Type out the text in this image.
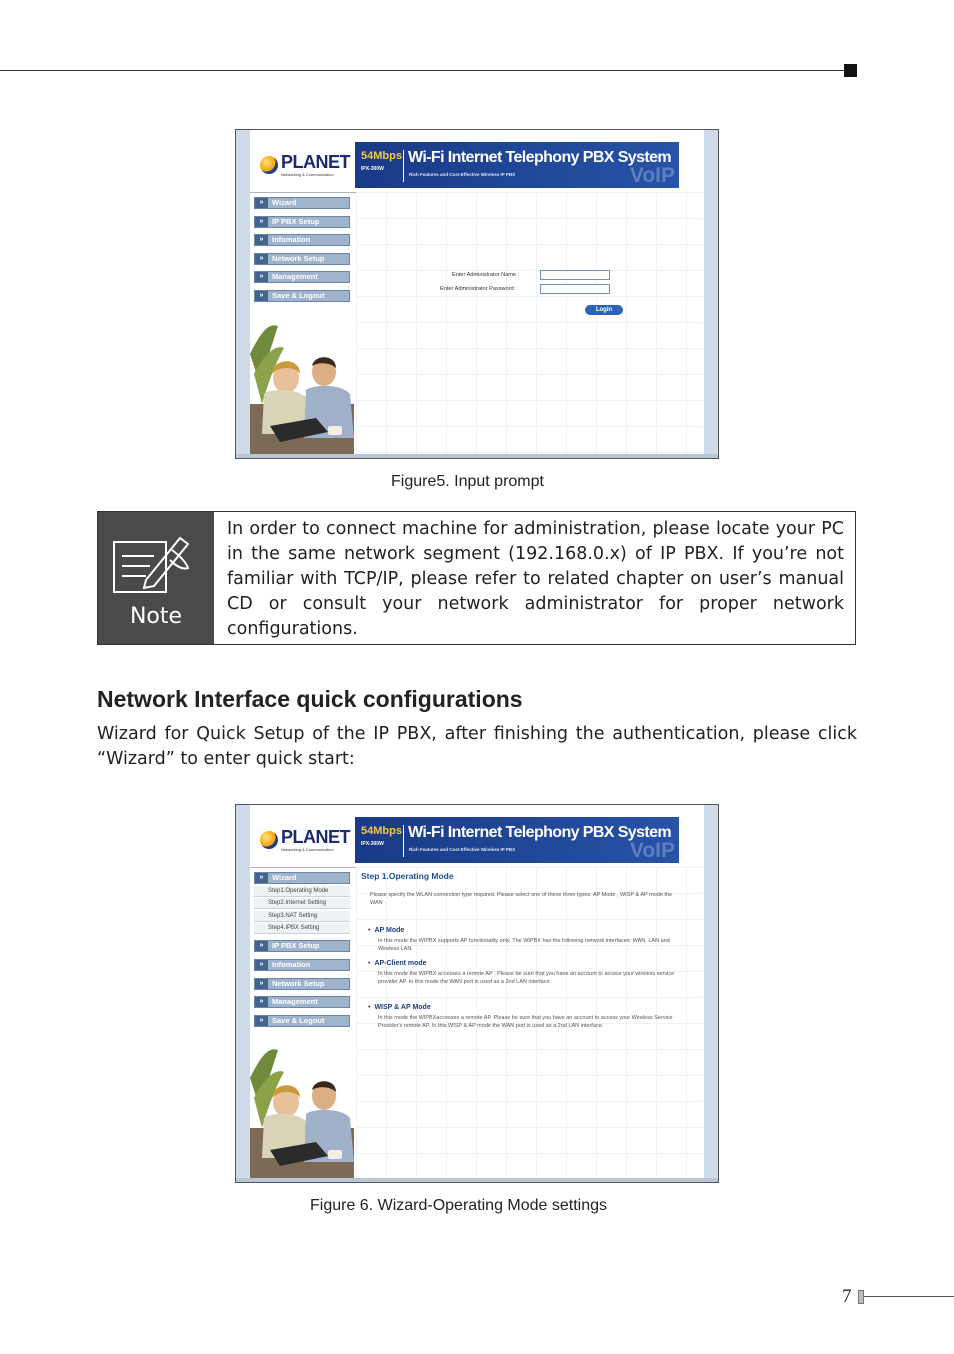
PLANET
Networking & Communication
54Mbps
IPX-300W
Wi-Fi Internet Telephony PBX System
Rich Features and Cost-Effective Wireless IP PBX	VoIP
Enter Administrator Name :
Enter Administrator Password :
Login
»	Wizard
»	IP PBX Setup
»	Infomation
»	Network Setup
»	Management
»	Save & Logout
Figure5. Input prompt
Note
In order to connect machine for administration, please locate your PC in the same network segment (192.168.0.x) of IP PBX. If you’re not familiar with TCP/IP, please refer to related chapter on user’s manual CD or consult your network administrator for proper network configurations.
Network Interface quick configurations
Wizard for Quick Setup of the IP PBX, after finishing the authentication, please click “Wizard” to enter quick start:
PLANET
Networking & Communication
54Mbps
IPX-300W
Wi-Fi Internet Telephony PBX System
Rich Features and Cost-Effective Wireless IP PBX	VoIP
Step 1.Operating Mode
Please specify the WLAN connection type required. Please select one of these three types: AP Mode , WISP & AP mode the WAN
• AP Mode
In this mode the WIPBX supports AP functionality only. The WIPBX has the following network interfaces: WAN, LAN and Wireless LAN.
• AP-Client mode
In this mode the WIPBX accesses a remote AP . Please be sure that you have an account to access your wireless service provider AP. In this mode the WAN port is used as a 2nd LAN interface.
• WISP & AP Mode
In this mode the WIPBXaccesses a remote AP. Please be sure that you have an account to access your Wireless Service Provider's remote AP. In this WISP & AP mode the WAN port is used as a 2nd LAN interface.
»	Wizard
Step1.Operating Mode
Step2.Internet Setting
Step3.NAT Setting
Step4.IPBX Setting
»	IP PBX Setup
»	Infomation
»	Network Setup
»	Management
»	Save & Logout
Figure 6. Wizard-Operating Mode settings
7
